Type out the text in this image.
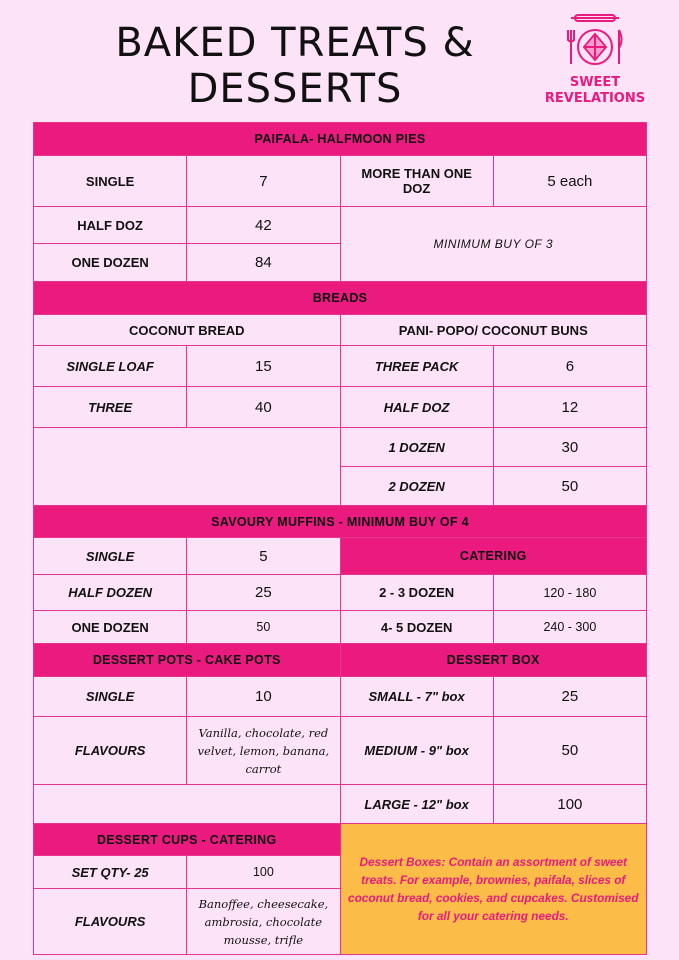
BAKED TREATS &
DESSERTS	SWEET
REVELATIONS
PAIFALA- HALFMOON PIES			
SINGLE	7	MORE THAN ONE DOZ	5 each
HALF DOZ	42	MINIMUM BUY OF 3	
ONE DOZEN	84		
BREADS			
COCONUT BREAD		PANI- POPO/ COCONUT BUNS	
SINGLE LOAF	15	THREE PACK	6
THREE	40	HALF DOZ	12
		1 DOZEN	30
		2 DOZEN	50
SAVOURY MUFFINS - MINIMUM BUY OF 4			
SINGLE	5	CATERING	
HALF DOZEN	25	2 - 3 DOZEN	120 - 180
ONE DOZEN	50	4- 5 DOZEN	240 - 300
DESSERT POTS - CAKE POTS		DESSERT BOX	
SINGLE	10	SMALL - 7" box	25
FLAVOURS	Vanilla, chocolate, red velvet, lemon, banana, carrot	MEDIUM - 9" box	50
		LARGE - 12" box	100
DESSERT CUPS - CATERING		Dessert Boxes: Contain an assortment of sweet treats. For example, brownies, paifala, slices of coconut bread, cookies, and cupcakes. Customised for all your catering needs.	
SET QTY- 25	100		
FLAVOURS	Banoffee, cheesecake, ambrosia, chocolate mousse, trifle		
